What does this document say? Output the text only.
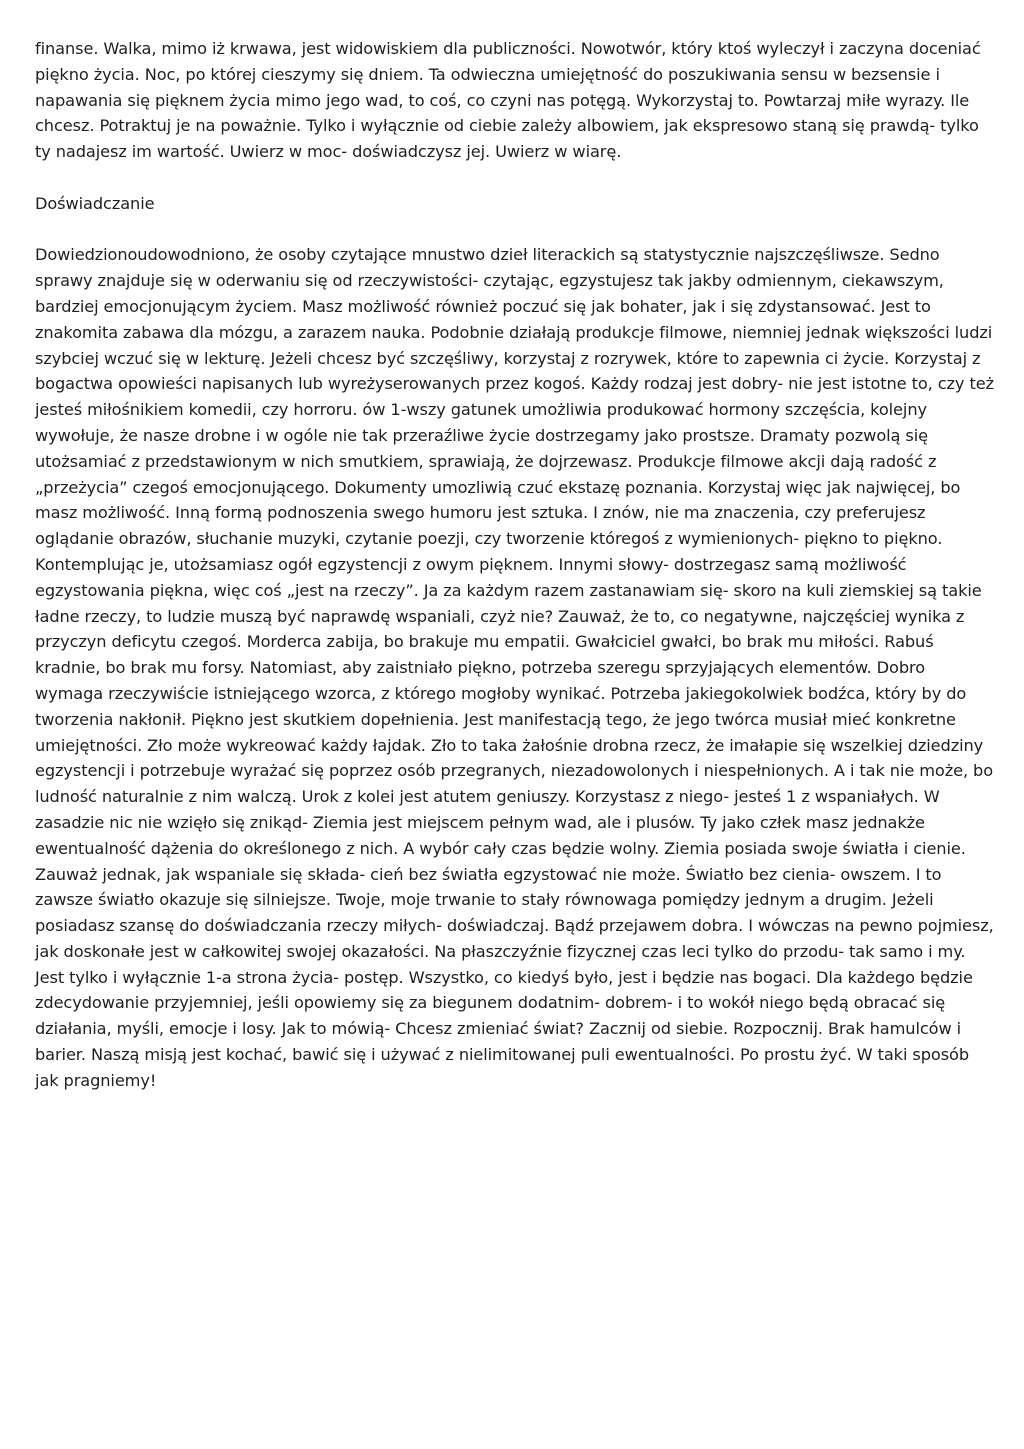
finanse. Walka, mimo iż krwawa, jest widowiskiem dla publiczności. Nowotwór, który ktoś wyleczył i zaczyna doceniać piękno życia. Noc, po której cieszymy się dniem. Ta odwieczna umiejętność do poszukiwania sensu w bezsensie i napawania się pięknem życia mimo jego wad, to coś, co czyni nas potęgą. Wykorzystaj to. Powtarzaj miłe wyrazy. Ile chcesz. Potraktuj je na poważnie. Tylko i wyłącznie od ciebie zależy albowiem, jak ekspresowo staną się prawdą- tylko ty nadajesz im wartość. Uwierz w moc- doświadczysz jej. Uwierz w wiarę.

Doświadczanie

Dowiedzionoudowodniono, że osoby czytające mnustwo dzieł literackich są statystycznie najszczęśliwsze. Sedno sprawy znajduje się w oderwaniu się od rzeczywistości- czytając, egzystujesz tak jakby odmiennym, ciekawszym, bardziej emocjonującym życiem. Masz możliwość również poczuć się jak bohater, jak i się zdystansować. Jest to znakomita zabawa dla mózgu, a zarazem nauka. Podobnie działają produkcje filmowe, niemniej jednak większości ludzi szybciej wczuć się w lekturę. Jeżeli chcesz być szczęśliwy, korzystaj z rozrywek, które to zapewnia ci życie. Korzystaj z bogactwa opowieści napisanych lub wyreżyserowanych przez kogoś. Każdy rodzaj jest dobry- nie jest istotne to, czy też jesteś miłośnikiem komedii, czy horroru. ów 1-wszy gatunek umożliwia produkować hormony szczęścia, kolejny wywołuje, że nasze drobne i w ogóle nie tak przeraźliwe życie dostrzegamy jako prostsze. Dramaty pozwolą się utożsamiać z przedstawionym w nich smutkiem, sprawiają, że dojrzewasz. Produkcje filmowe akcji dają radość z „przeżycia” czegoś emocjonującego. Dokumenty umozliwią czuć ekstazę poznania. Korzystaj więc jak najwięcej, bo masz możliwość. Inną formą podnoszenia swego humoru jest sztuka. I znów, nie ma znaczenia, czy preferujesz oglądanie obrazów, słuchanie muzyki, czytanie poezji, czy tworzenie któregoś z wymienionych- piękno to piękno. Kontemplując je, utożsamiasz ogół egzystencji z owym pięknem. Innymi słowy- dostrzegasz samą możliwość egzystowania piękna, więc coś „jest na rzeczy”. Ja za każdym razem zastanawiam się- skoro na kuli ziemskiej są takie ładne rzeczy, to ludzie muszą być naprawdę wspaniali, czyż nie? Zauważ, że to, co negatywne, najczęściej wynika z przyczyn deficytu czegoś. Morderca zabija, bo brakuje mu empatii. Gwałciciel gwałci, bo brak mu miłości. Rabuś kradnie, bo brak mu forsy. Natomiast, aby zaistniało piękno, potrzeba szeregu sprzyjających elementów. Dobro wymaga rzeczywiście istniejącego wzorca, z którego mogłoby wynikać. Potrzeba jakiegokolwiek bodźca, który by do tworzenia nakłonił. Piękno jest skutkiem dopełnienia. Jest manifestacją tego, że jego twórca musiał mieć konkretne umiejętności. Zło może wykreować każdy łajdak. Zło to taka żałośnie drobna rzecz, że imałapie się wszelkiej dziedziny egzystencji i potrzebuje wyrażać się poprzez osób przegranych, niezadowolonych i niespełnionych. A i tak nie może, bo ludność naturalnie z nim walczą. Urok z kolei jest atutem geniuszy. Korzystasz z niego- jesteś 1 z wspaniałych. W zasadzie nic nie wzięło się znikąd- Ziemia jest miejscem pełnym wad, ale i plusów. Ty jako człek masz jednakże ewentualność dążenia do określonego z nich. A wybór cały czas będzie wolny. Ziemia posiada swoje światła i cienie. Zauważ jednak, jak wspaniale się składa- cień bez światła egzystować nie może. Światło bez cienia- owszem. I to zawsze światło okazuje się silniejsze. Twoje, moje trwanie to stały równowaga pomiędzy jednym a drugim. Jeżeli posiadasz szansę do doświadczania rzeczy miłych- doświadczaj. Bądź przejawem dobra. I wówczas na pewno pojmiesz, jak doskonałe jest w całkowitej swojej okazałości. Na płaszczyźnie fizycznej czas leci tylko do przodu- tak samo i my. Jest tylko i wyłącznie 1-a strona życia- postęp. Wszystko, co kiedyś było, jest i będzie nas bogaci. Dla każdego będzie zdecydowanie przyjemniej, jeśli opowiemy się za biegunem dodatnim- dobrem- i to wokół niego będą obracać się działania, myśli, emocje i losy. Jak to mówią- Chcesz zmieniać świat? Zacznij od siebie. Rozpocznij. Brak hamulców i barier. Naszą misją jest kochać, bawić się i używać z nielimitowanej puli ewentualności. Po prostu żyć. W taki sposób jak pragniemy!
